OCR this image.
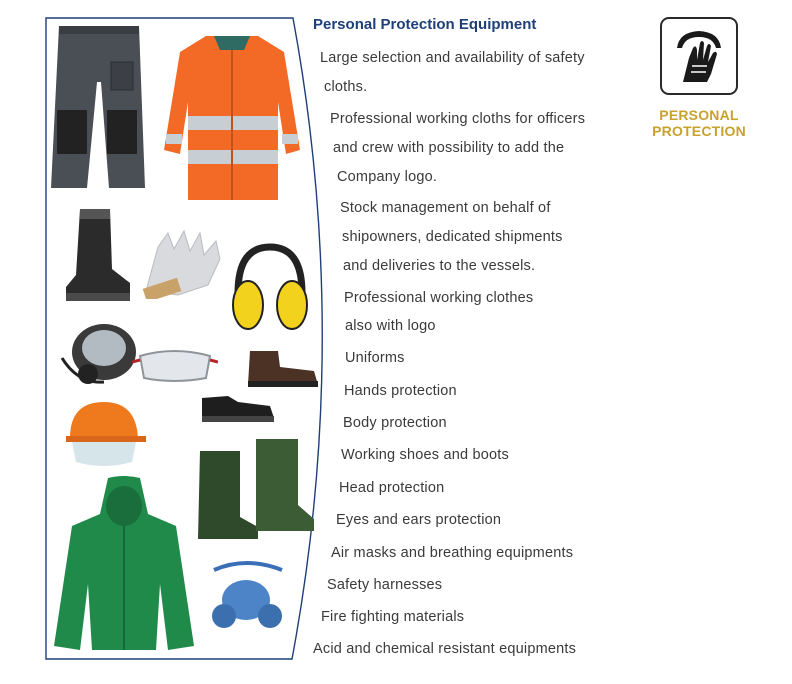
Personal Protection Equipment
Large selection and availability of safety
cloths.
Professional working cloths for officers
and crew with possibility to add the
Company logo.
Stock management on behalf of
shipowners, dedicated shipments
and deliveries to the vessels.
Professional working clothes
also with logo
Uniforms
Hands protection
Body protection
Working shoes and boots
Head protection
Eyes and ears protection
Air masks and breathing equipments
Safety harnesses
Fire fighting materials
Acid and chemical resistant equipments
PERSONAL
PROTECTION
